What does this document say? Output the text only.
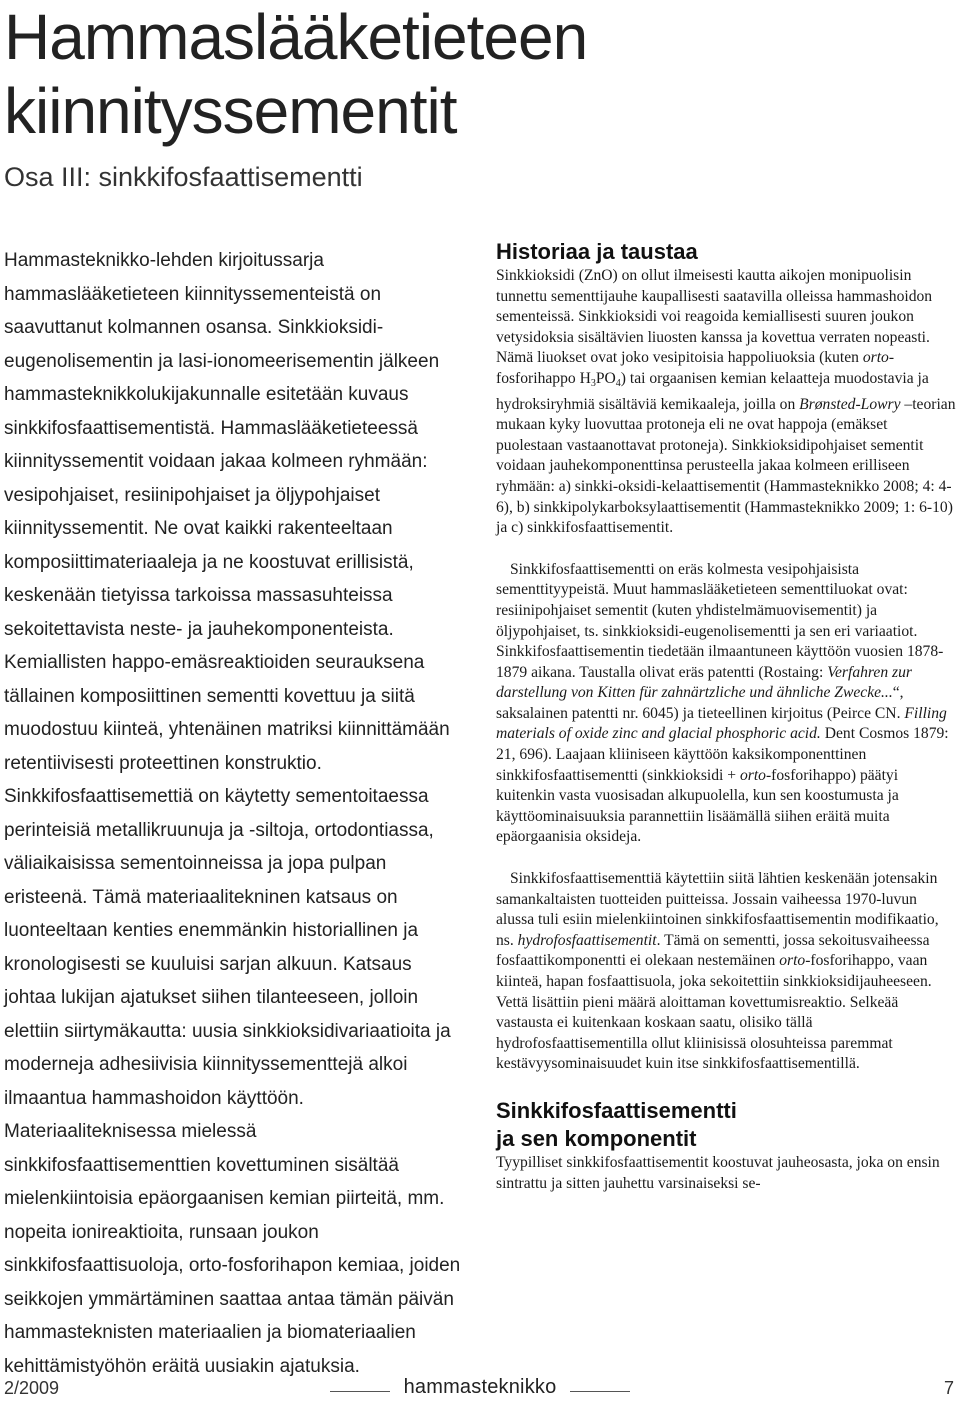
Hammaslääketieteen kiinnityssementit
Osa III: sinkkifosfaattisementti

Hammasteknikko-lehden kirjoitussarja hammaslääketieteen kiinnityssementeistä on saavuttanut kolmannen osansa. Sinkkioksidi-eugenolisementin ja lasi-ionomeerisementin jälkeen hammasteknikkolukijakunnalle esitetään kuvaus sinkkifosfaattisementistä. Hammaslääketieteessä kiinnityssementit voidaan jakaa kolmeen ryhmään: vesipohjaiset, resiinipohjaiset ja öljypohjaiset kiinnityssementit. Ne ovat kaikki rakenteeltaan komposiittimateriaaleja ja ne koostuvat erillisistä, keskenään tietyissa tarkoissa massasuhteissa sekoitettavista neste- ja jauhekomponenteista. Kemiallisten happo-emäsreaktioiden seurauksena tällainen komposiittinen sementti kovettuu ja siitä muodostuu kiinteä, yhtenäinen matriksi kiinnittämään retentiivisesti proteettinen konstruktio. Sinkkifosfaattisemettiä on käytetty sementoitaessa perinteisiä metallikruunuja ja -siltoja, ortodontiassa, väliaikaisissa sementoinneissa ja jopa pulpan eristeenä. Tämä materiaalitekninen katsaus on luonteeltaan kenties enemmänkin historiallinen ja kronologisesti se kuuluisi sarjan alkuun. Katsaus johtaa lukijan ajatukset siihen tilanteeseen, jolloin elettiin siirtymäkautta: uusia sinkkioksidivariaatioita ja moderneja adhesiivisia kiinnityssementtejä alkoi ilmaantua hammashoidon käyttöön. Materiaaliteknisessa mielessä sinkkifosfaattisementtien kovettuminen sisältää mielenkiintoisia epäorgaanisen kemian piirteitä, mm. nopeita ionireaktioita, runsaan joukon sinkkifosfaattisuoloja, orto-fosforihapon kemiaa, joiden seikkojen ymmärtäminen saattaa antaa tämän päivän hammasteknisten materiaalien ja biomateriaalien kehittämistyöhön eräitä uusiakin ajatuksia.

Historiaa ja taustaa

Sinkkioksidi (ZnO) on ollut ilmeisesti kautta aikojen monipuolisin tunnettu sementtijauhe kaupallisesti saatavilla olleissa hammashoidon sementeissä. Sinkkioksidi voi reagoida kemiallisesti suuren joukon vetysidoksia sisältävien liuosten kanssa ja kovettua verraten nopeasti. Nämä liuokset ovat joko vesipitoisia happoliuoksia (kuten orto-fosforihappo $H_3PO_4$) tai orgaanisen kemian kelaatteja muodostavia ja hydroksiryhmiä sisältäviä kemikaaleja, joilla on Brønsted-Lowry –teorian mukaan kyky luovuttaa protoneja eli ne ovat happoja (emäkset puolestaan vastaanottavat protoneja). Sinkkioksidipohjaiset sementit voidaan jauhekomponenttinsa perusteella jakaa kolmeen erilliseen ryhmään: a) sinkki-oksidi-kelaattisementit (Hammasteknikko 2008; 4: 4-6), b) sinkkipolykarboksylaattisementit (Hammasteknikko 2009; 1: 6-10) ja c) sinkkifosfaattisementit.

Sinkkifosfaattisementti on eräs kolmesta vesipohjaisista sementtityypeistä. Muut hammaslääketieteen sementtiluokat ovat: resiinipohjaiset sementit (kuten yhdistelmämuovisementit) ja öljypohjaiset, ts. sinkkioksidi-eugenolisementti ja sen eri variaatiot. Sinkkifosfaattisementin tiedetään ilmaantuneen käyttöön vuosien 1878-1879 aikana. Taustalla olivat eräs patentti (Rostaing: Verfahren zur darstellung von Kitten für zahnärtzliche und ähnliche Zwecke...“, saksalainen patentti nr. 6045) ja tieteellinen kirjoitus (Peirce CN. Filling materials of oxide zinc and glacial phosphoric acid. Dent Cosmos 1879: 21, 696). Laajaan kliiniseen käyttöön kaksikomponenttinen sinkkifosfaattisementti (sinkkioksidi + orto-fosforihappo) päätyi kuitenkin vasta vuosisadan alkupuolella, kun sen koostumusta ja käyttöominaisuuksia parannettiin lisäämällä siihen eräitä muita epäorgaanisia oksideja.

Sinkkifosfaattisementtiä käytettiin siitä lähtien keskenään jotensakin samankaltaisten tuotteiden puitteissa. Jossain vaiheessa 1970-luvun alussa tuli esiin mielenkiintoinen sinkkifosfaattisementin modifikaatio, ns. hydrofosfaattisementit. Tämä on sementti, jossa sekoitusvaiheessa fosfaattikomponentti ei olekaan nestemäinen orto-fosforihappo, vaan kiinteä, hapan fosfaattisuola, joka sekoitettiin sinkkioksidijauheeseen. Vettä lisättiin pieni määrä aloittaman kovettumisreaktio. Selkeää vastausta ei kuitenkaan koskaan saatu, olisiko tällä hydrofosfaattisementilla ollut kliinisissä olosuhteissa paremmat kestävyysominaisuudet kuin itse sinkkifosfaattisementillä.

Sinkkifosfaattisementti
ja sen komponentit

Tyypilliset sinkkifosfaattisementit koostuvat jauheosasta, joka on ensin sintrattu ja sitten jauhettu varsinaiseksi se-

2/2009	hammasteknikko	7
